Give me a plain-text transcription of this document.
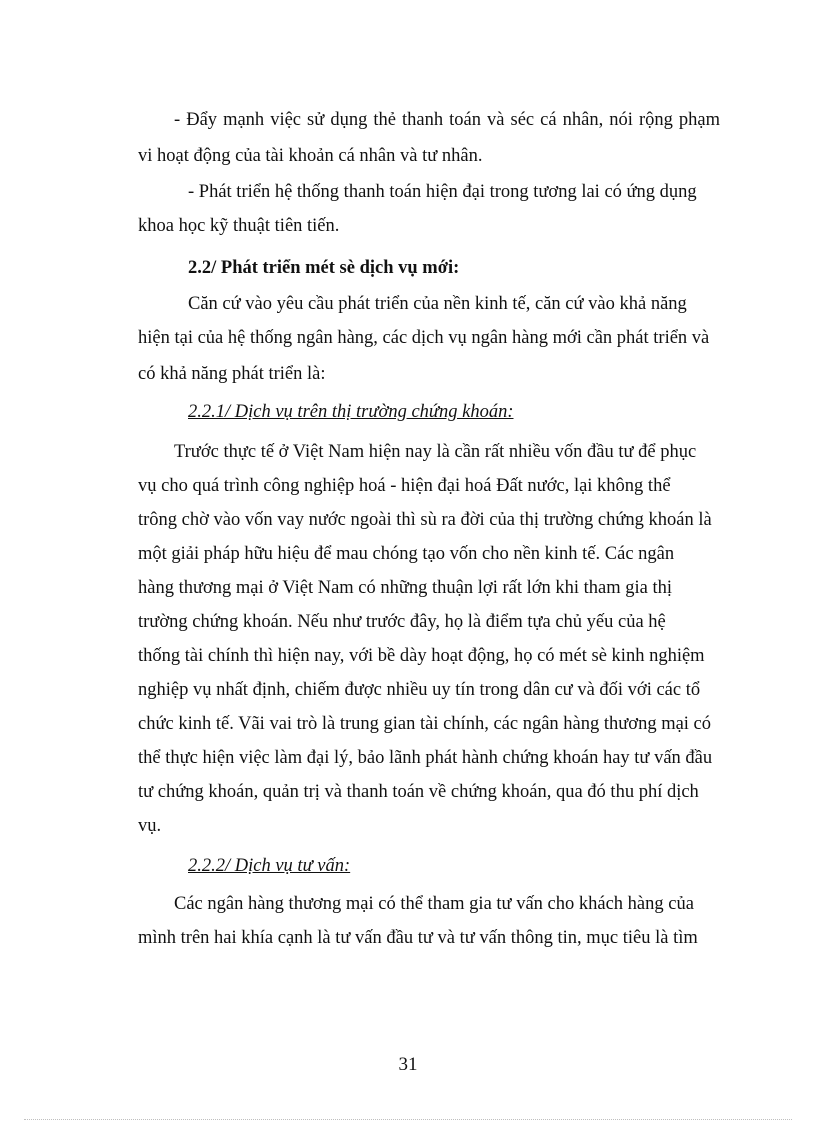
- Đẩy mạnh việc sử dụng thẻ thanh toán và séc cá nhân, nói rộng phạm
vi hoạt động của tài khoản cá nhân và tư nhân.
- Phát triển hệ thống thanh toán hiện đại trong tương lai có ứng dụng
khoa học kỹ thuật tiên tiến.
2.2/ Phát triển mét sè dịch vụ mới:
Căn cứ vào yêu cầu phát triển của nền kinh tế, căn cứ vào khả năng
hiện tại của hệ thống ngân hàng, các dịch vụ ngân hàng mới cần phát triển và
có khả năng phát triển là:
2.2.1/ Dịch vụ trên thị trường chứng khoán:
Trước thực tế ở Việt Nam hiện nay là cần rất nhiều vốn đầu tư để phục
vụ cho quá trình công nghiệp hoá - hiện đại hoá Đất nước, lại không thể
trông chờ vào vốn vay nước ngoài thì sù ra đời của thị trường chứng khoán là
một giải pháp hữu hiệu để mau chóng tạo vốn cho nền kinh tế. Các ngân
hàng thương mại ở Việt Nam có những thuận lợi rất lớn khi tham gia thị
trường chứng khoán. Nếu như trước đây, họ là điểm tựa chủ yếu của hệ
thống tài chính thì hiện nay, với bề dày hoạt động, họ có mét sè kinh nghiệm
nghiệp vụ nhất định, chiếm được nhiều uy tín trong dân cư và đối với các tổ
chức kinh tế. Vãi vai trò là trung gian tài chính, các ngân hàng thương mại có
thể thực hiện việc làm đại lý, bảo lãnh phát hành chứng khoán hay tư vấn đầu
tư chứng khoán, quản trị và thanh toán về chứng khoán, qua đó thu phí dịch
vụ.
2.2.2/ Dịch vụ tư vấn:
Các ngân hàng thương mại có thể tham gia tư vấn cho khách hàng của
mình trên hai khía cạnh là tư vấn đầu tư và tư vấn thông tin, mục tiêu là tìm
31
